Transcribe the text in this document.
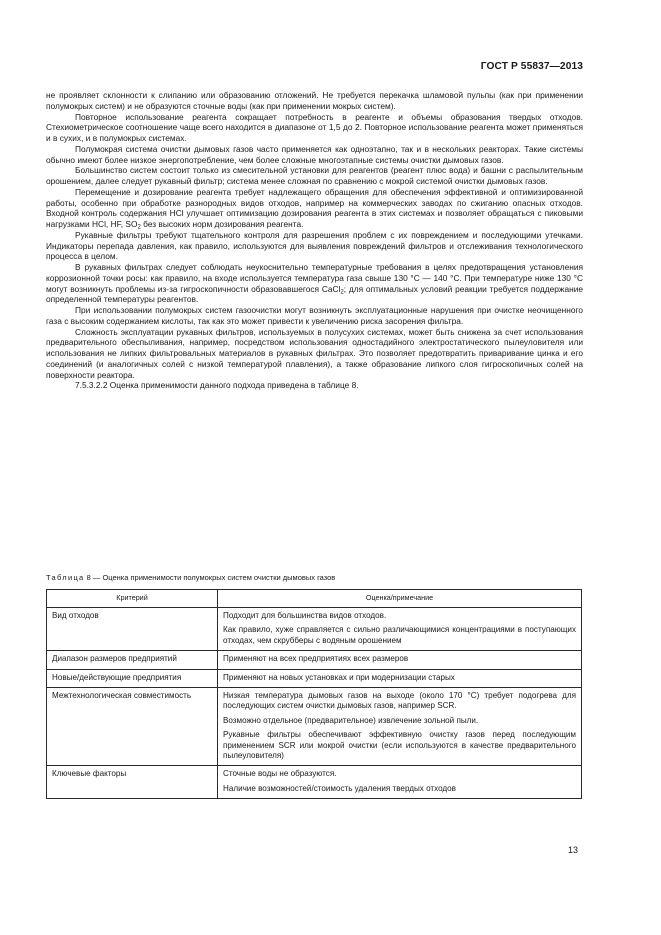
ГОСТ Р 55837—2013

не проявляет склонности к слипанию или образованию отложений. Не требуется перекачка шламовой пульпы (как при применении полумокрых систем) и не образуются сточные воды (как при применении мокрых систем).

Повторное использование реагента сокращает потребность в реагенте и объемы образования твердых отходов. Стехиометрическое соотношение чаще всего находится в диапазоне от 1,5 до 2. Повторное использование реагента может применяться и в сухих, и в полумокрых системах.

Полумокрая система очистки дымовых газов часто применяется как одноэтапно, так и в нескольких реакторах. Такие системы обычно имеют более низкое энергопотребление, чем более сложные многоэтапные системы очистки дымовых газов.

Большинство систем состоит только из смесительной установки для реагентов (реагент плюс вода) и башни с распылительным орошением, далее следует рукавный фильтр; система менее сложная по сравнению с мокрой системой очистки дымовых газов.

Перемещение и дозирование реагента требует надлежащего обращения для обеспечения эффективной и оптимизированной работы, особенно при обработке разнородных видов отходов, например на коммерческих заводах по сжиганию опасных отходов. Входной контроль содержания HCl улучшает оптимизацию дозирования реагента в этих системах и позволяет обращаться с пиковыми нагрузками HCl, HF, $SO_2$ без высоких норм дозирования реагента.

Рукавные фильтры требуют тщательного контроля для разрешения проблем с их повреждением и последующими утечками. Индикаторы перепада давления, как правило, используются для выявления повреждений фильтров и отслеживания технологического процесса в целом.

В рукавных фильтрах следует соблюдать неукоснительно температурные требования в целях предотвращения установления коррозионной точки росы: как правило, на входе используется температура газа свыше 130 °С — 140 °С. При температуре ниже 130 °С могут возникнуть проблемы из-за гигроскопичности образовавшегося CaCl$_2$; для оптимальных условий реакции требуется поддержание определенной температуры реагентов.

При использовании полумокрых систем газоочистки могут возникнуть эксплуатационные нарушения при очистке неочищенного газа с высоким содержанием кислоты, так как это может привести к увеличению риска засорения фильтра.

Сложность эксплуатации рукавных фильтров, используемых в полусухих системах, может быть снижена за счет использования предварительного обеспыливания, например, посредством использования одностадийного электростатического пылеуловителя или использования не липких фильтровальных материалов в рукавных фильтрах. Это позволяет предотвратить приваривание цинка и его соединений (и аналогичных солей с низкой температурой плавления), а также образование липкого слоя гигроскопичных солей на поверхности реактора.

7.5.3.2.2 Оценка применимости данного подхода приведена в таблице 8.

Таблица 8 — Оценка применимости полумокрых систем очистки дымовых газов
Критерий	Оценка/примечание
Вид отходов	Подходит для большинства видов отходов.

Как правило, хуже справляется с сильно различающимися концентрациями в поступающих отходах, чем скрубберы с водяным орошением

Диапазон размеров предприятий	Применяют на всех предприятиях всех размеров

Новые/действующие предприятия	Применяют на новых установках и при модернизации старых

Межтехнологическая совместимость	Низкая температура дымовых газов на выходе (около 170 °С) требует подогрева для последующих систем очистки дымовых газов, например SCR.

Возможно отдельное (предварительное) извлечение зольной пыли.

Рукавные фильтры обеспечивают эффективную очистку газов перед последующим применением SCR или мокрой очистки (если используются в качестве предварительного пылеуловителя)

Ключевые факторы	Сточные воды не образуются.

Наличие возможностей/стоимость удаления твердых отходов

13
